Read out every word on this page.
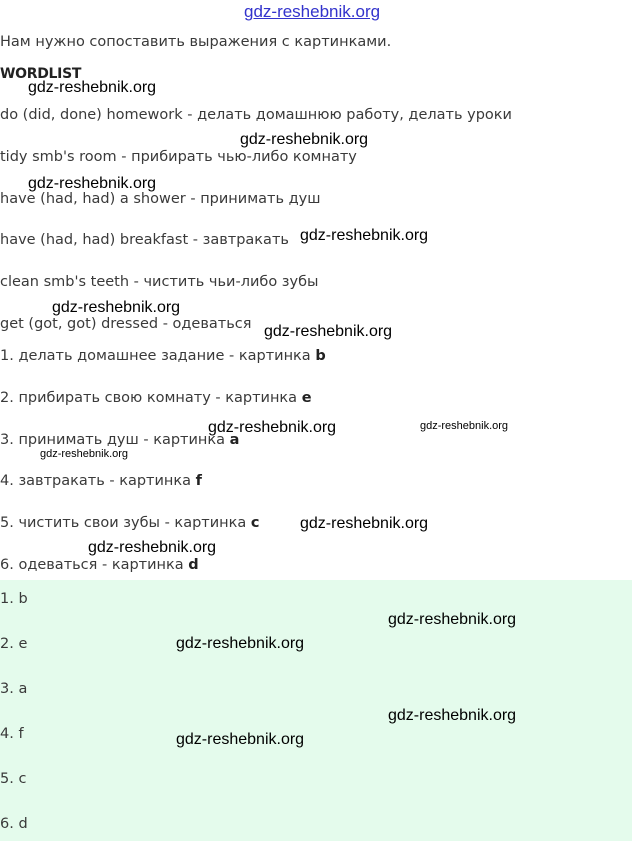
gdz-reshebnik.org
Нам нужно сопоставить выражения с картинками.
WORDLIST
do (did, done) homework - делать домашнюю работу, делать уроки
tidy smb's room - прибирать чью-либо комнату
have (had, had) a shower - принимать душ
have (had, had) breakfast - завтракать
clean smb's teeth - чистить чьи-либо зубы
get (got, got) dressed - одеваться
1. делать домашнее задание - картинка b
2. прибирать свою комнату - картинка e
3. принимать душ - картинка a
4. завтракать - картинка f
5. чистить свои зубы - картинка c
6. одеваться - картинка d
1. b
2. e
3. a
4. f
5. c
6. d
gdz-reshebnik.org
gdz-reshebnik.org
gdz-reshebnik.org
gdz-reshebnik.org
gdz-reshebnik.org
gdz-reshebnik.org
gdz-reshebnik.org	gdz-reshebnik.org
gdz-reshebnik.org
gdz-reshebnik.org
gdz-reshebnik.org
gdz-reshebnik.org
gdz-reshebnik.org
gdz-reshebnik.org
gdz-reshebnik.org
